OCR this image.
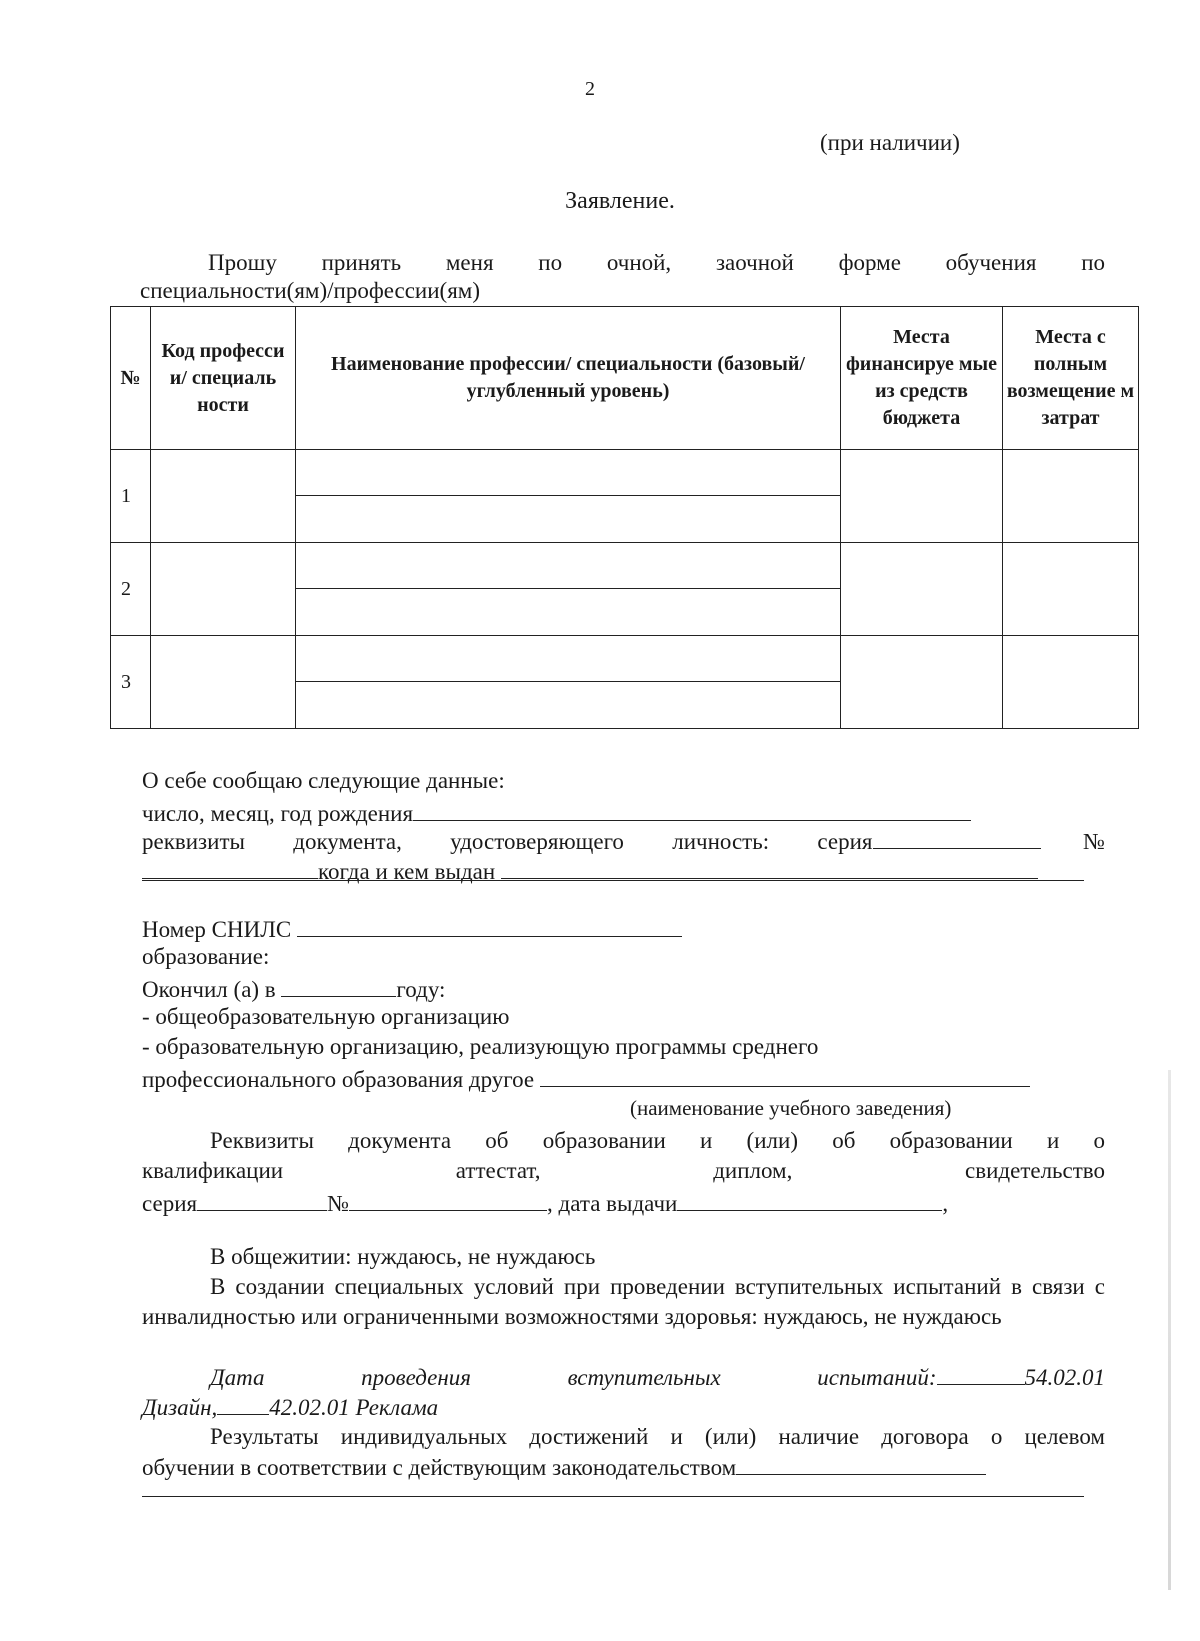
2
(при наличии)
Заявление.
Прошу принять меня по очной, заочной форме обучения по
специальности(ям)/профессии(ям)
№	Код професси и/ специаль ности	Наименование профессии/ специальности (базовый/углубленный уровень)	Места финансируе мые из средств бюджета	Места с полным возмещение м затрат
1		

2		

3		

О себе сообщаю следующие данные:
число, месяц, год рождения
реквизиты документа, удостоверяющего личность: серия	№
когда и кем выдан
Номер СНИЛС
образование:
Окончил (а) в	году:
- общеобразовательную организацию
- образовательную организацию, реализующую программы среднего
профессионального образования другое
(наименование учебного заведения)
Реквизиты документа об образовании и (или) об образовании и о
квалификации	аттестат,	диплом,	свидетельство
серия	№	, дата выдачи	,
В общежитии: нуждаюсь, не нуждаюсь
В создании специальных условий при проведении вступительных испытаний в связи с инвалидностью или ограниченными возможностями здоровья: нуждаюсь, не нуждаюсь
Дата	проведения	вступительных	испытаний:	54.02.01
Дизайн, 42.02.01 Реклама
Результаты индивидуальных достижений и (или) наличие договора о целевом
обучении в соответствии с действующим законодательством
